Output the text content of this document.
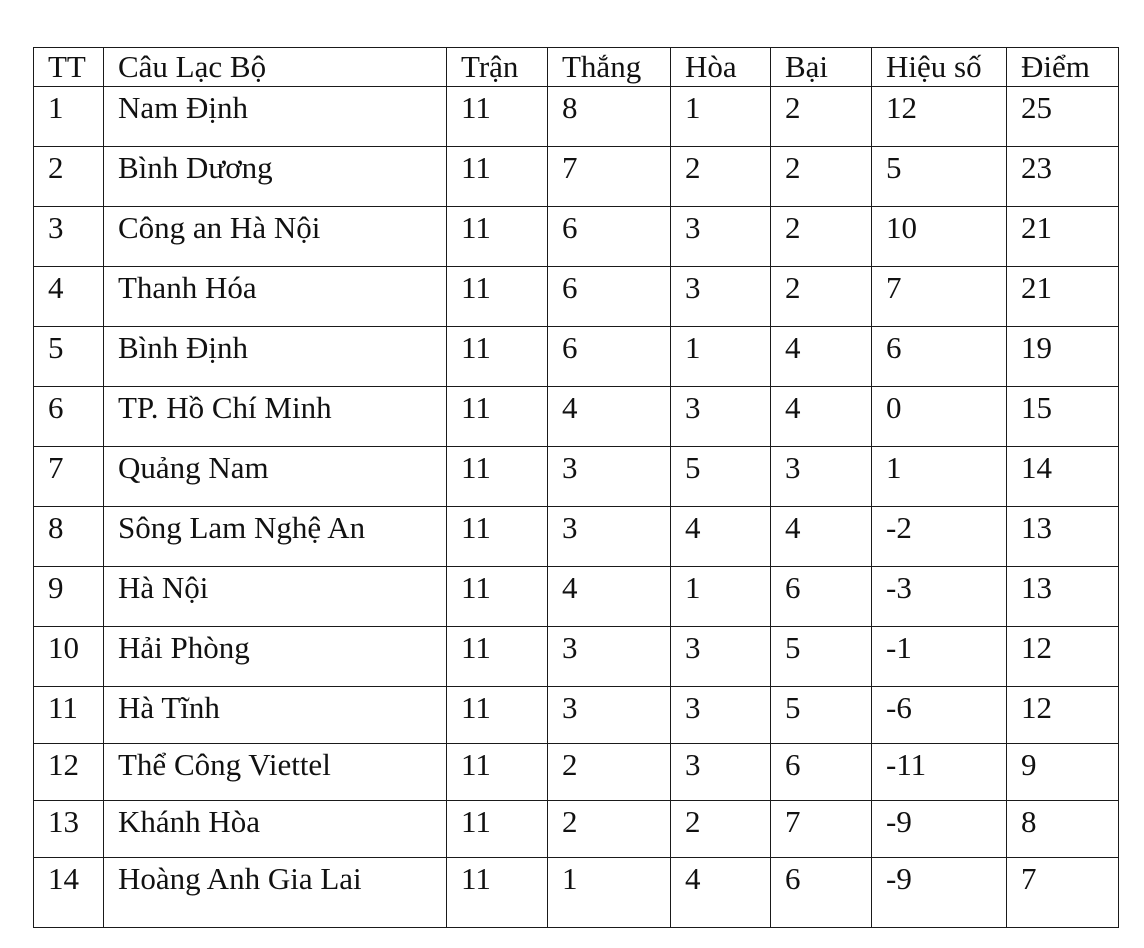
TT	Câu Lạc Bộ	Trận	Thắng	Hòa	Bại	Hiệu số	Điểm
1	Nam Định	11	8	1	2	12	25
2	Bình Dương	11	7	2	2	5	23
3	Công an Hà Nội	11	6	3	2	10	21
4	Thanh Hóa	11	6	3	2	7	21
5	Bình Định	11	6	1	4	6	19
6	TP. Hồ Chí Minh	11	4	3	4	0	15
7	Quảng Nam	11	3	5	3	1	14
8	Sông Lam Nghệ An	11	3	4	4	-2	13
9	Hà Nội	11	4	1	6	-3	13
10	Hải Phòng	11	3	3	5	-1	12
11	Hà Tĩnh	11	3	3	5	-6	12
12	Thể Công Viettel	11	2	3	6	-11	9
13	Khánh Hòa	11	2	2	7	-9	8
14	Hoàng Anh Gia Lai	11	1	4	6	-9	7
